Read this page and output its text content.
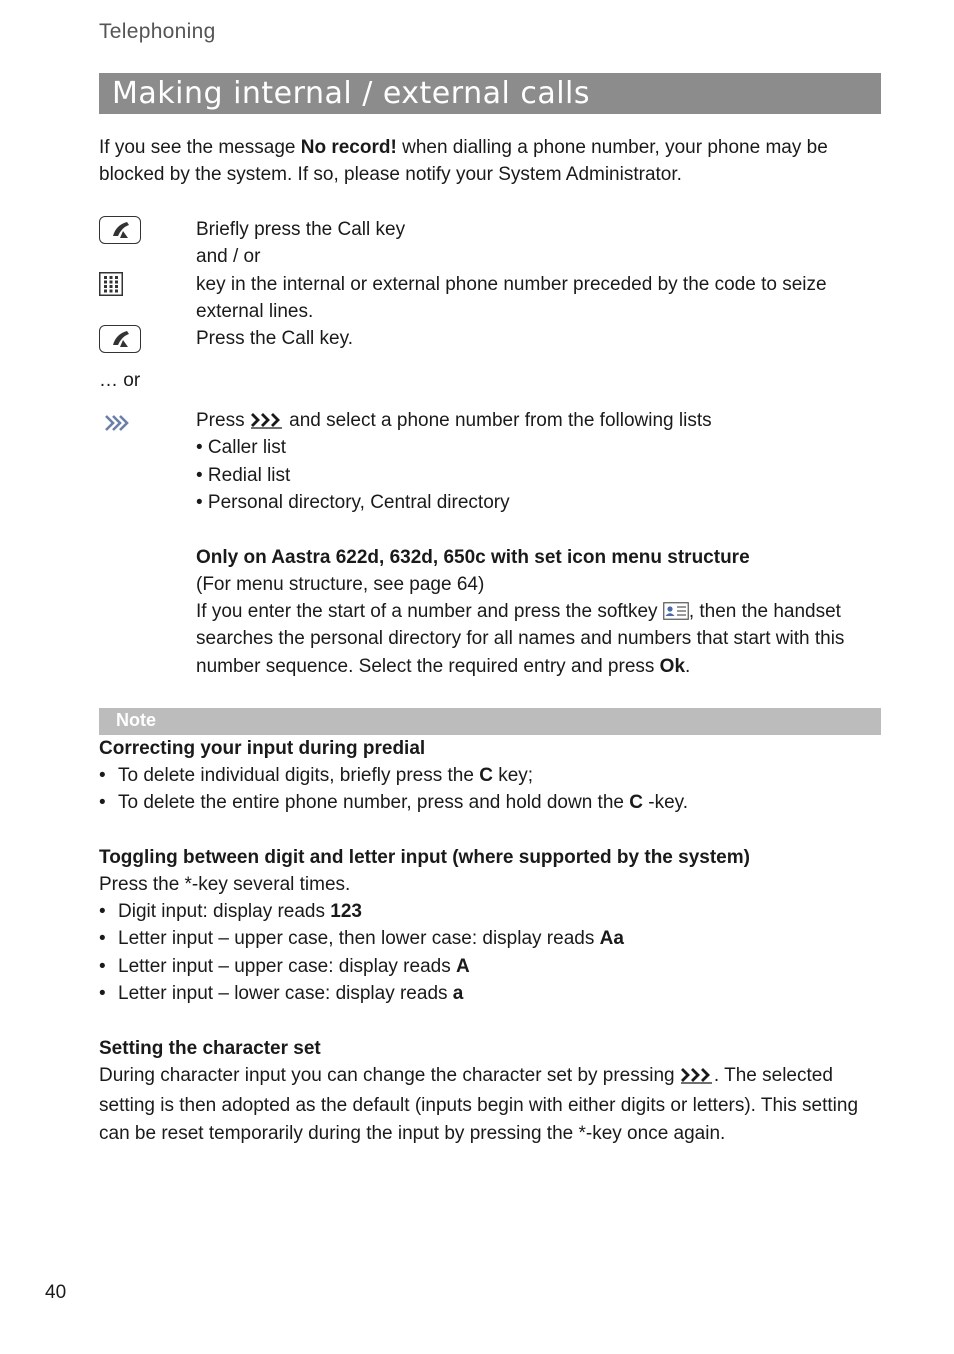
Telephoning
Making internal / external calls
If you see the message No record! when dialling a phone number, your phone may be blocked by the system. If so, please notify your System Administrator.
Briefly press the Call key
and / or
key in the internal or external phone number preceded by the code to seize external lines.
Press the Call key.
… or
Press  and select a phone number from the following lists
• Caller list
• Redial list
• Personal directory, Central directory
Only on Aastra 622d, 632d, 650c with set icon menu structure
(For menu structure, see page 64)
If you enter the start of a number and press the softkey , then the handset searches the personal directory for all names and numbers that start with this number sequence. Select the required entry and press Ok.
Note
Correcting your input during predial
• To delete individual digits, briefly press the C key;
• To delete the entire phone number, press and hold down the C -key.
Toggling between digit and letter input (where supported by the system)
Press the *-key several times.
• Digit input: display reads 123
• Letter input – upper case, then lower case: display reads Aa
• Letter input – upper case: display reads A
• Letter input – lower case: display reads a
Setting the character set
During character input you can change the character set by pressing . The selected setting is then adopted as the default (inputs begin with either digits or letters). This setting can be reset temporarily during the input by pressing the *-key once again.
40
